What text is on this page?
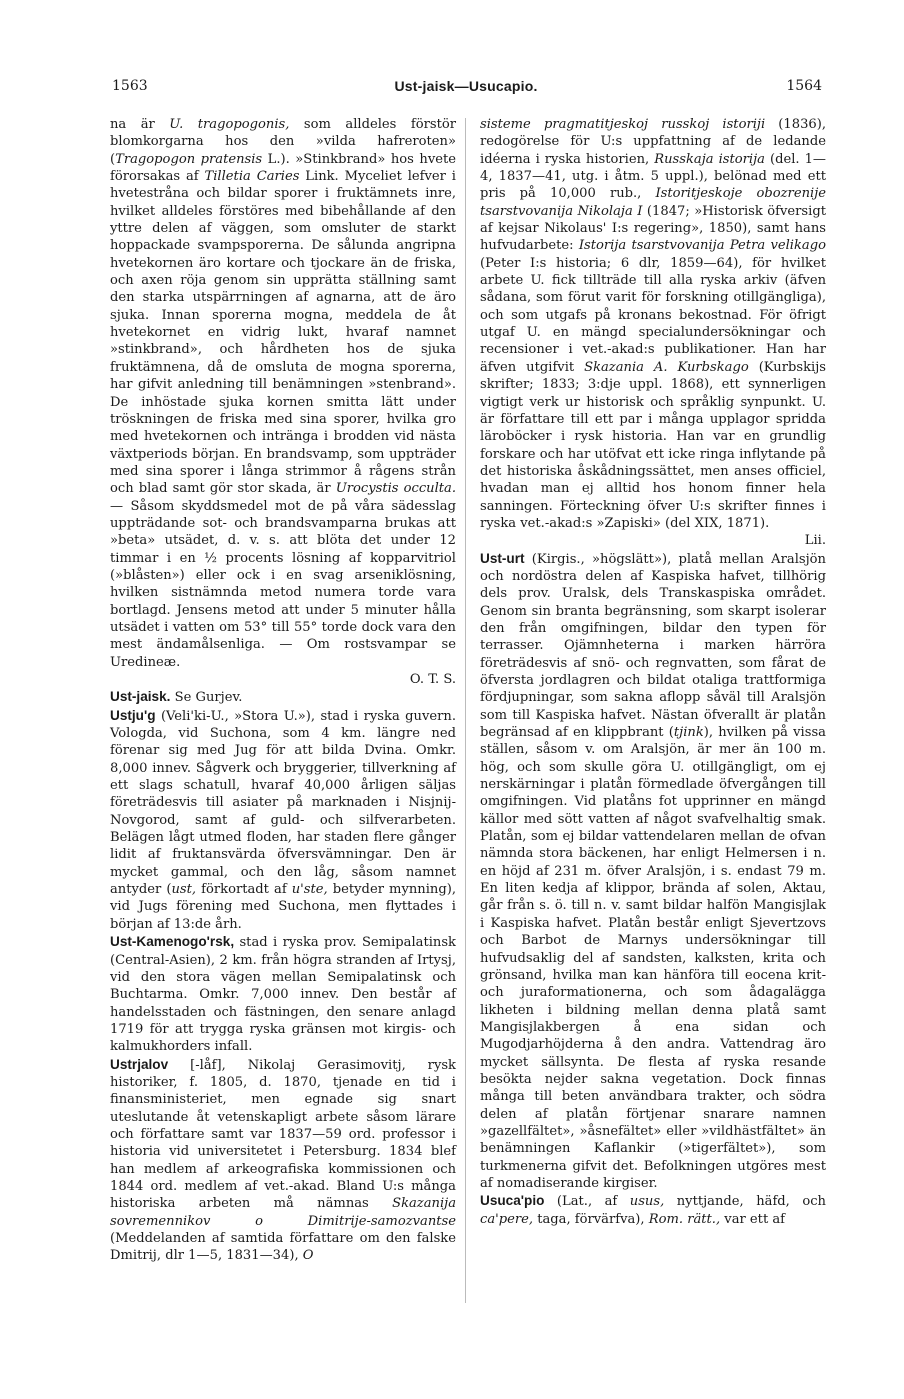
1563	Ust-jaisk—Usucapio.	1564

na är U. tragopogonis, som alldeles förstör blomkorgarna hos den »vilda hafreroten» (Tragopogon pratensis L.). »Stinkbrand» hos hvete förorsakas af Tilletia Caries Link. Myceliet lefver i hvetestråna och bildar sporer i fruktämnets inre, hvilket alldeles förstöres med bibehållande af den yttre delen af väggen, som omsluter de starkt hoppackade svampsporerna. De sålunda angripna hvetekornen äro kortare och tjockare än de friska, och axen röja genom sin upprätta ställning samt den starka utspärrningen af agnarna, att de äro sjuka. Innan sporerna mogna, meddela de åt hvetekornet en vidrig lukt, hvaraf namnet »stinkbrand», och hårdheten hos de sjuka fruktämnena, då de omsluta de mogna sporerna, har gifvit anledning till benämningen »stenbrand». De inhöstade sjuka kornen smitta lätt under tröskningen de friska med sina sporer, hvilka gro med hvetekornen och inträngа i brodden vid nästa växtperiods början. En brandsvamp, som uppträder med sina sporer i långa strimmor å rågens strån och blad samt gör stor skada, är Urocystis occulta. — Såsom skyddsmedel mot de på våra sädesslag uppträdande sot- och brandsvamparna brukas att »beta» utsädet, d. v. s. att blöta det under 12 timmar i en ½ procents lösning af kopparvitriol (»blåsten») eller ock i en svag arseniklösning, hvilken sistnämnda metod numera torde vara bortlagd. Jensens metod att under 5 minuter hålla utsädet i vatten om 53° till 55° torde dock vara den mest ändamålsenliga. — Om rostsvampar se Uredineæ.
O. T. S.

Ust-jaisk. Se Gurjev.

Ustju'g (Veli'ki-U., »Stora U.»), stad i ryska guvern. Vologda, vid Suchona, som 4 km. längre ned förenar sig med Jug för att bilda Dvina. Omkr. 8,000 innev. Sågverk och bryggerier, tillverkning af ett slags schatull, hvaraf 40,000 årligen säljas företrädesvis till asiater på marknaden i Nisjnij-Novgorod, samt af guld- och silfverarbeten. Belägen lågt utmed floden, har staden flere gånger lidit af fruktansvärda öfversvämningar. Den är mycket gammal, och den låg, såsom namnet antyder (ust, förkortadt af u'ste, betyder mynning), vid Jugs förening med Suchona, men flyttades i början af 13:de årh.

Ust-Kamenogo'rsk, stad i ryska prov. Semipalatinsk (Central-Asien), 2 km. från högra stranden af Irtysj, vid den stora vägen mellan Semipalatinsk och Buchtarma. Omkr. 7,000 innev. Den består af handelsstaden och fästningen, den senare anlagd 1719 för att trygga ryska gränsen mot kirgis- och kalmukhorders infall.

Ustrjalov [-låf], Nikolaj Gerasimovitj, rysk historiker, f. 1805, d. 1870, tjenade en tid i finansministeriet, men egnade sig snart uteslutande åt vetenskapligt arbete såsom lärare och författare samt var 1837—59 ord. professor i historia vid universitetet i Petersburg. 1834 blef han medlem af arkeografiska kommissionen och 1844 ord. medlem af vet.-akad. Bland U:s många historiska arbeten må nämnas Skazanija sovremennikov o Dimitrije-samozvantse (Meddelanden af samtida författare om den falske Dmitrij, dlr 1—5, 1831—34), O

sisteme pragmatitjeskoj russkoj istoriji (1836), redogörelse för U:s uppfattning af de ledande idéerna i ryska historien, Russkaja istorija (del. 1—4, 1837—41, utg. i åtm. 5 uppl.), belönad med ett pris på 10,000 rub., Istoritjeskoje obozrenije tsarstvovanija Nikolaja I (1847; »Historisk öfversigt af kejsar Nikolaus' I:s regering», 1850), samt hans hufvudarbete: Istorija tsarstvovanija Petra velikago (Peter I:s historia; 6 dlr, 1859—64), för hvilket arbete U. fick tillträde till alla ryska arkiv (äfven sådana, som förut varit för forskning otillgängliga), och som utgafs på kronans bekostnad. För öfrigt utgaf U. en mängd specialundersökningar och recensioner i vet.-akad:s publikationer. Han har äfven utgifvit Skazania A. Kurbskago (Kurbskijs skrifter; 1833; 3:dje uppl. 1868), ett synnerligen vigtigt verk ur historisk och språklig synpunkt. U. är författare till ett par i många upplagor spridda läroböcker i rysk historia. Han var en grundlig forskare och har utöfvat ett icke ringa inflytande på det historiska åskådningssättet, men anses officiel, hvadan man ej alltid hos honom finner hela sanningen. Förteckning öfver U:s skrifter finnes i ryska vet.-akad:s »Zapiski» (del XIX, 1871).
Lii.

Ust-urt (Kirgis., »högslätt»), platå mellan Aralsjön och nordöstra delen af Kaspiska hafvet, tillhörig dels prov. Uralsk, dels Transkaspiska området. Genom sin branta begränsning, som skarpt isolerar den från omgifningen, bildar den typen för terrasser. Ojämnheterna i marken härröra företrädesvis af snö- och regnvatten, som fårat de öfversta jordlagren och bildat otaliga trattformiga fördjupningar, som sakna aflopp såväl till Aralsjön som till Kaspiska hafvet. Nästan öfverallt är platån begränsad af en klippbrant (tjink), hvilken på vissa ställen, såsom v. om Aralsjön, är mer än 100 m. hög, och som skulle göra U. otillgängligt, om ej nerskärningar i platån förmedlade öfvergången till omgifningen. Vid platåns fot upprinner en mängd källor med sött vatten af något svafvelhaltig smak. Platån, som ej bildar vattendelaren mellan de ofvan nämnda stora bäckenen, har enligt Helmersen i n. en höjd af 231 m. öfver Aralsjön, i s. endast 79 m. En liten kedja af klippor, brända af solen, Aktau, går från s. ö. till n. v. samt bildar halfön Mangisjlak i Kaspiska hafvet. Platån består enligt Sjevertzovs och Barbot de Marnys undersökningar till hufvudsaklig del af sandsten, kalksten, krita och grönsand, hvilka man kan hänföra till eocena krit- och juraformationerna, och som ådagalägga likheten i bildning mellan denna platå samt Mangisjlakbergen å ena sidan och Mugodjarhöjderna å den andra. Vattendrag äro mycket sällsynta. De flesta af ryska resande besökta nejder sakna vegetation. Dock finnas många till beten användbara trakter, och södra delen af platån förtjenar snarare namnen »gazellfältet», »åsnefältet» eller »vildhästfältet» än benämningen Kaflankir (»tigerfältet»), som turkmenerna gifvit det. Befolkningen utgöres mest af nomadiserande kirgiser.

Usuca'pio (Lat., af usus, nyttjande, häfd, och ca'pere, taga, förvärfva), Rom. rätt., var ett af
